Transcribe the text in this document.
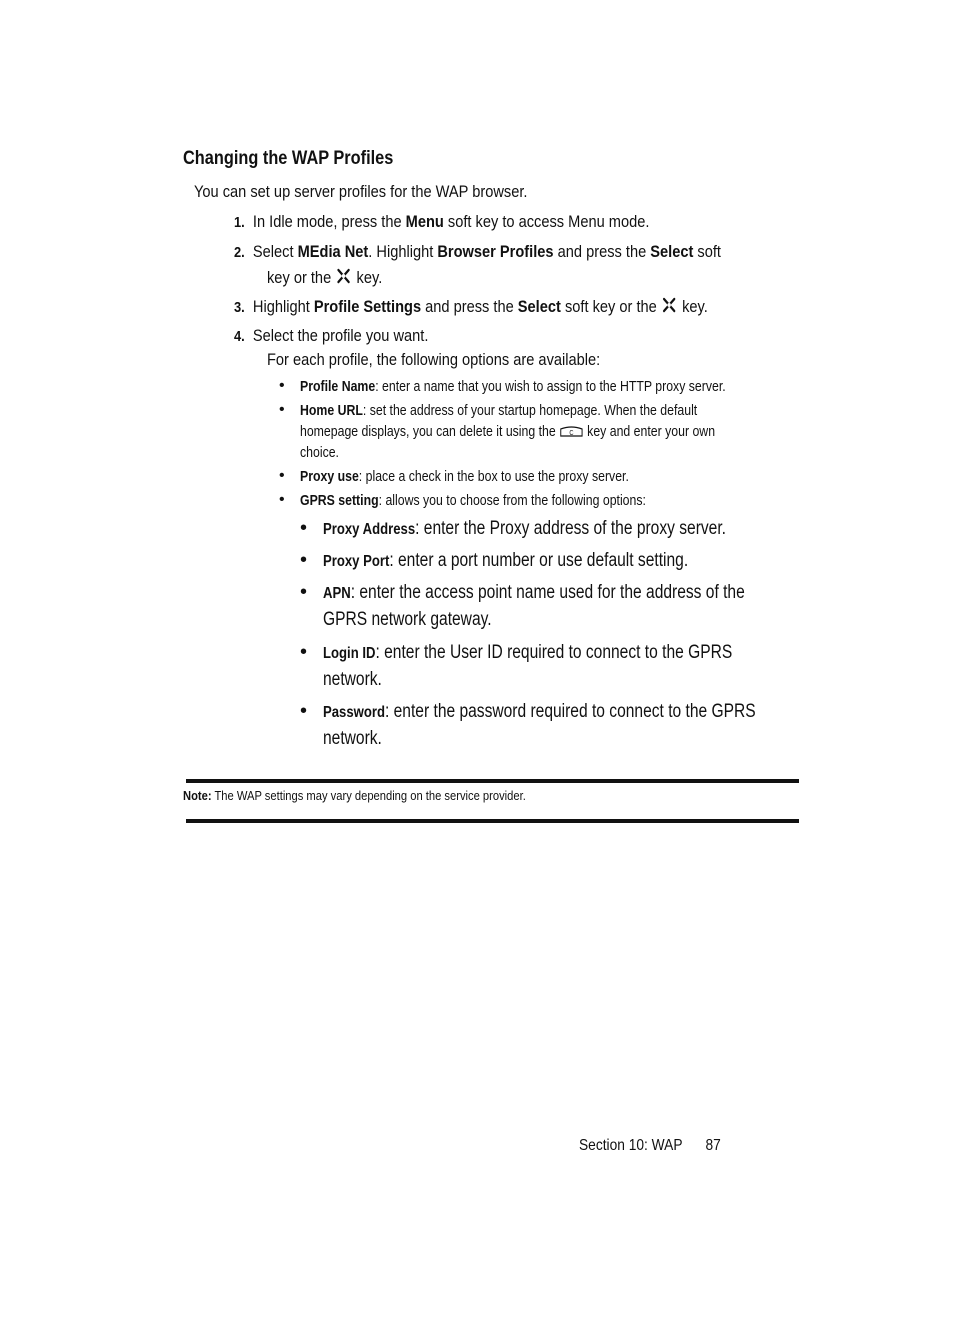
Changing the WAP Profiles
You can set up server profiles for the WAP browser.
1. In Idle mode, press the Menu soft key to access Menu mode.
2. Select MEdia Net. Highlight Browser Profiles and press the Select soft
key or the  key.
3. Highlight Profile Settings and press the Select soft key or the  key.
4. Select the profile you want.
For each profile, the following options are available:
• Profile Name: enter a name that you wish to assign to the HTTP proxy server.
• Home URL: set the address of your startup homepage. When the default
homepage displays, you can delete it using the C key and enter your own
choice.
• Proxy use: place a check in the box to use the proxy server.
• GPRS setting: allows you to choose from the following options:
• Proxy Address: enter the Proxy address of the proxy server.
• Proxy Port: enter a port number or use default setting.
• APN: enter the access point name used for the address of the
GPRS network gateway.
• Login ID: enter the User ID required to connect to the GPRS
network.
• Password: enter the password required to connect to the GPRS
network.
Note: The WAP settings may vary depending on the service provider.
Section 10: WAP 87
